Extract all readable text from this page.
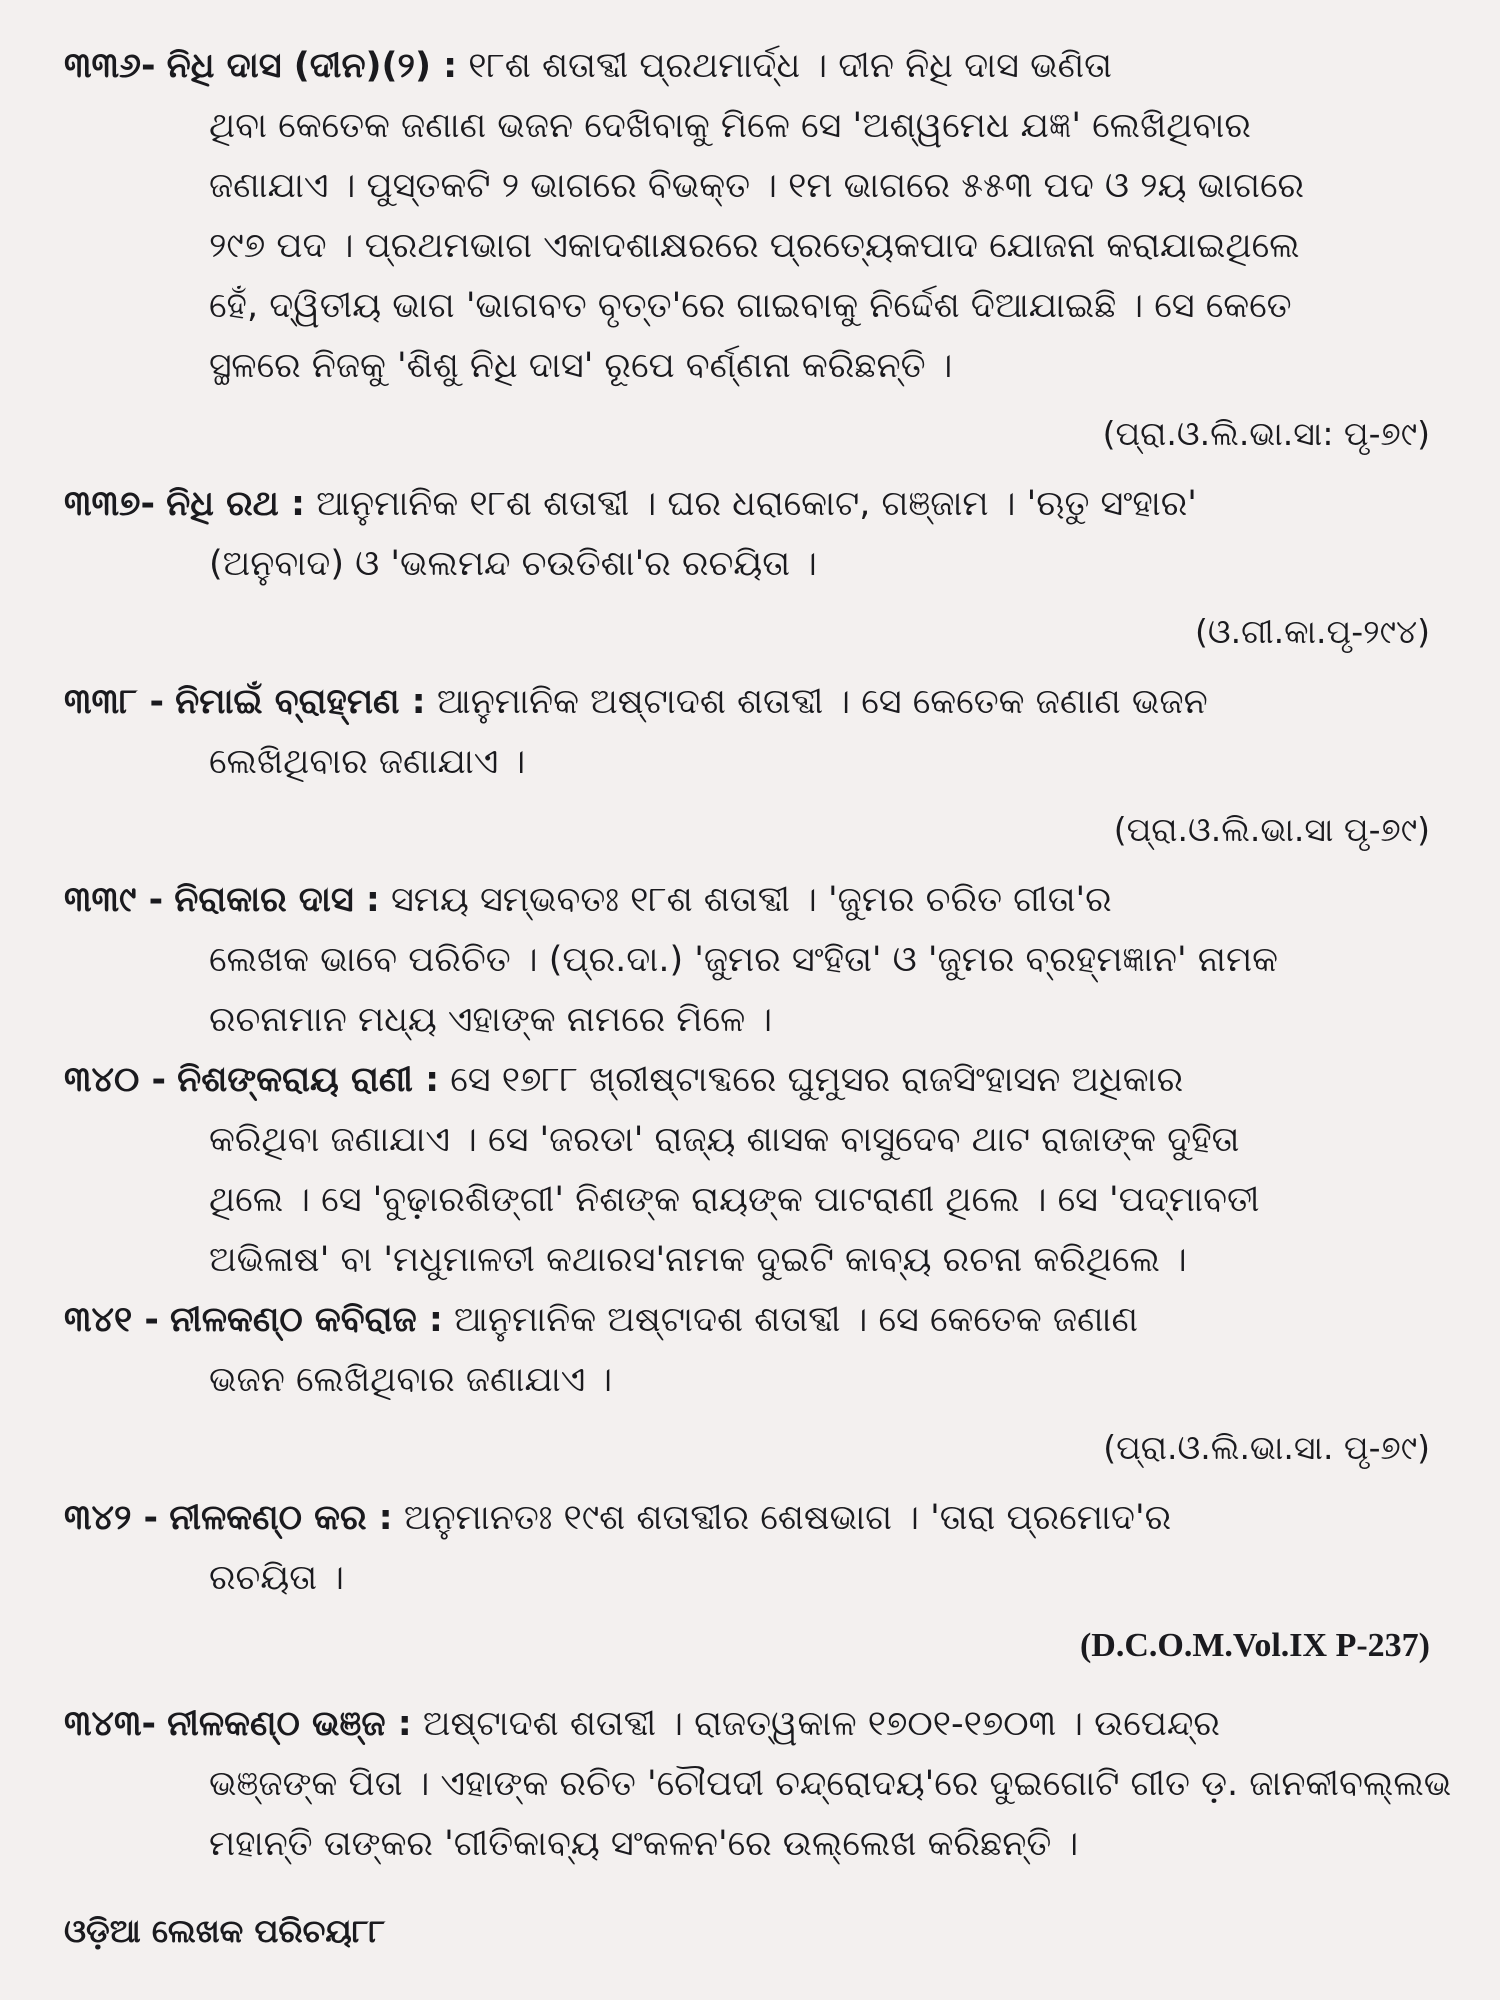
୩୩୬- ନିଧି ଦାସ (ଦୀନ)(୨) : ୧୮ଶ ଶତାବ୍ଦୀ ପ୍ରଥମାର୍ଦ୍ଧ । ଦୀନ ନିଧି ଦାସ ଭଣିତା
ଥିବା କେତେକ ଜଣାଣ ଭଜନ ଦେଖିବାକୁ ମିଳେ ସେ 'ଅଶ୍ୱମେଧ ଯଜ୍ଞ' ଲେଖିଥିବାର
ଜଣାଯାଏ । ପୁସ୍ତକଟି ୨ ଭାଗରେ ବିଭକ୍ତ । ୧ମ ଭାଗରେ ୫୫୩ ପଦ ଓ ୨ୟ ଭାଗରେ
୨୯୭ ପଦ । ପ୍ରଥମଭାଗ ଏକାଦଶାକ୍ଷରରେ ପ୍ରତ୍ୟେକପାଦ ଯୋଜନା କରାଯାଇଥିଲେ
ହେଁ, ଦ୍ୱିତୀୟ ଭାଗ 'ଭାଗବତ ବୃତ୍ତ'ରେ ଗାଇବାକୁ ନିର୍ଦ୍ଦେଶ ଦିଆଯାଇଛି । ସେ କେତେ
ସ୍ଥଳରେ ନିଜକୁ 'ଶିଶୁ ନିଧି ଦାସ' ରୂପେ ବର୍ଣ୍ଣନା କରିଛନ୍ତି ।
(ପ୍ରା.ଓ.ଲି.ଭା.ସା: ପୃ-୭୯)
୩୩୭- ନିଧି ରଥ : ଆନୁମାନିକ ୧୮ଶ ଶତାବ୍ଦୀ । ଘର ଧରାକୋଟ, ଗଞ୍ଜାମ । 'ଋତୁ ସଂହାର'
(ଅନୁବାଦ) ଓ 'ଭଲମନ୍ଦ ଚଉତିଶା'ର ରଚୟିତା ।
(ଓ.ଗୀ.କା.ପୃ-୨୯୪)
୩୩୮ - ନିମାଇଁ ବ୍ରାହ୍ମଣ : ଆନୁମାନିକ ଅଷ୍ଟାଦଶ ଶତାବ୍ଦୀ । ସେ କେତେକ ଜଣାଣ ଭଜନ
ଲେଖିଥିବାର ଜଣାଯାଏ ।
(ପ୍ରା.ଓ.ଲି.ଭା.ସା ପୃ-୭୯)
୩୩୯ - ନିରାକାର ଦାସ : ସମୟ ସମ୍ଭବତଃ ୧୮ଶ ଶତାବ୍ଦୀ । 'ଜୁମର ଚରିତ ଗୀତା'ର
ଲେଖକ ଭାବେ ପରିଚିତ । (ପ୍ର.ଦା.) 'ଜୁମର ସଂହିତା' ଓ 'ଜୁମର ବ୍ରହ୍ମଜ୍ଞାନ' ନାମକ
ରଚନାମାନ ମଧ୍ୟ ଏହାଙ୍କ ନାମରେ ମିଳେ ।
୩୪୦ - ନିଶଙ୍କରାୟ ରାଣୀ : ସେ ୧୭୮୮ ଖ୍ରୀଷ୍ଟାବ୍ଦରେ ଘୁମୁସର ରାଜସିଂହାସନ ଅଧିକାର
କରିଥିବା ଜଣାଯାଏ । ସେ 'ଜରଡା' ରାଜ୍ୟ ଶାସକ ବାସୁଦେବ ଥାଟ ରାଜାଙ୍କ ଦୁହିତା
ଥିଲେ । ସେ 'ବୁଢ଼ାରଶିଙ୍ଗୀ' ନିଶଙ୍କ ରାୟଙ୍କ ପାଟରାଣୀ ଥିଲେ । ସେ 'ପଦ୍ମାବତୀ
ଅଭିଳାଷ' ବା 'ମଧୁମାଳତୀ କଥାରସ'ନାମକ ଦୁଇଟି କାବ୍ୟ ରଚନା କରିଥିଲେ ।
୩୪୧ - ନୀଳକଣ୍ଠ କବିରାଜ : ଆନୁମାନିକ ଅଷ୍ଟାଦଶ ଶତାବ୍ଦୀ । ସେ କେତେକ ଜଣାଣ
ଭଜନ ଲେଖିଥିବାର ଜଣାଯାଏ ।
(ପ୍ରା.ଓ.ଲି.ଭା.ସା. ପୃ-୭୯)
୩୪୨ - ନୀଳକଣ୍ଠ କର : ଅନୁମାନତଃ ୧୯ଶ ଶତାବ୍ଦୀର ଶେଷଭାଗ । 'ତାରା ପ୍ରମୋଦ'ର
ରଚୟିତା ।
(D.C.O.M.Vol.IX P-237)
୩୪୩- ନୀଳକଣ୍ଠ ଭଞ୍ଜ : ଅଷ୍ଟାଦଶ ଶତାବ୍ଦୀ । ରାଜତ୍ୱକାଳ ୧୭୦୧-୧୭୦୩ । ଉପେନ୍ଦ୍ର
ଭଞ୍ଜଙ୍କ ପିତା । ଏହାଙ୍କ ରଚିତ 'ଚୌପଦୀ ଚନ୍ଦ୍ରୋଦୟ'ରେ ଦୁଇଗୋଟି ଗୀତ ଡ଼. ଜାନକୀବଲ୍ଲଭ
ମହାନ୍ତି ତାଙ୍କର 'ଗୀତିକାବ୍ୟ ସଂକଳନ'ରେ ଉଲ୍ଲେଖ କରିଛନ୍ତି ।
ଓଡ଼ିଆ ଲେଖକ ପରିଚୟ୮୮
